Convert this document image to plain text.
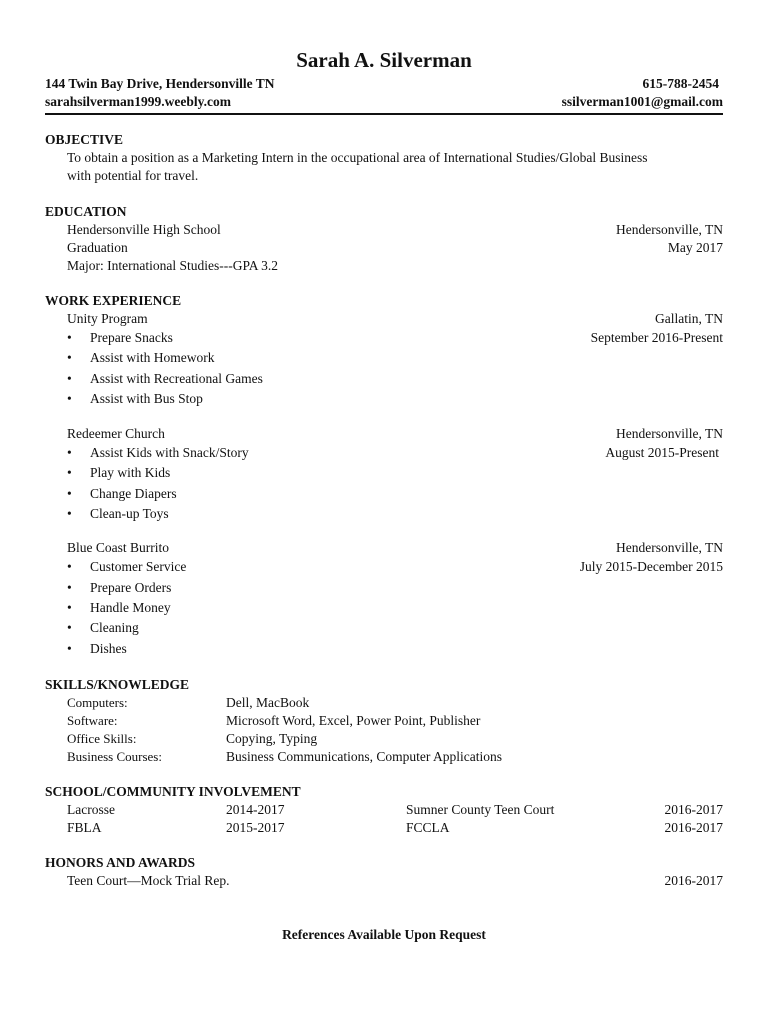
Sarah A. Silverman
144 Twin Bay Drive, Hendersonville TN	615-788-2454
sarahsilverman1999.weebly.com	ssilverman1001@gmail.com
OBJECTIVE
To obtain a position as a Marketing Intern in the occupational area of International Studies/Global Business
with potential for travel.
EDUCATION
Hendersonville High School	Hendersonville, TN
Graduation	May 2017
Major: International Studies---GPA 3.2
WORK EXPERIENCE
Unity Program	Gallatin, TN
• Prepare Snacks	September 2016-Present
• Assist with Homework
• Assist with Recreational Games
• Assist with Bus Stop
Redeemer Church	Hendersonville, TN
• Assist Kids with Snack/Story	August 2015-Present
• Play with Kids
• Change Diapers
• Clean-up Toys
Blue Coast Burrito	Hendersonville, TN
• Customer Service	July 2015-December 2015
• Prepare Orders
• Handle Money
• Cleaning
• Dishes
SKILLS/KNOWLEDGE
Computers:	Dell, MacBook
Software:	Microsoft Word, Excel, Power Point, Publisher
Office Skills:	Copying, Typing
Business Courses:	Business Communications, Computer Applications
SCHOOL/COMMUNITY INVOLVEMENT
Lacrosse	2014-2017	Sumner County Teen Court	2016-2017
FBLA	2015-2017	FCCLA	2016-2017
HONORS AND AWARDS
Teen Court—Mock Trial Rep.	2016-2017
References Available Upon Request
